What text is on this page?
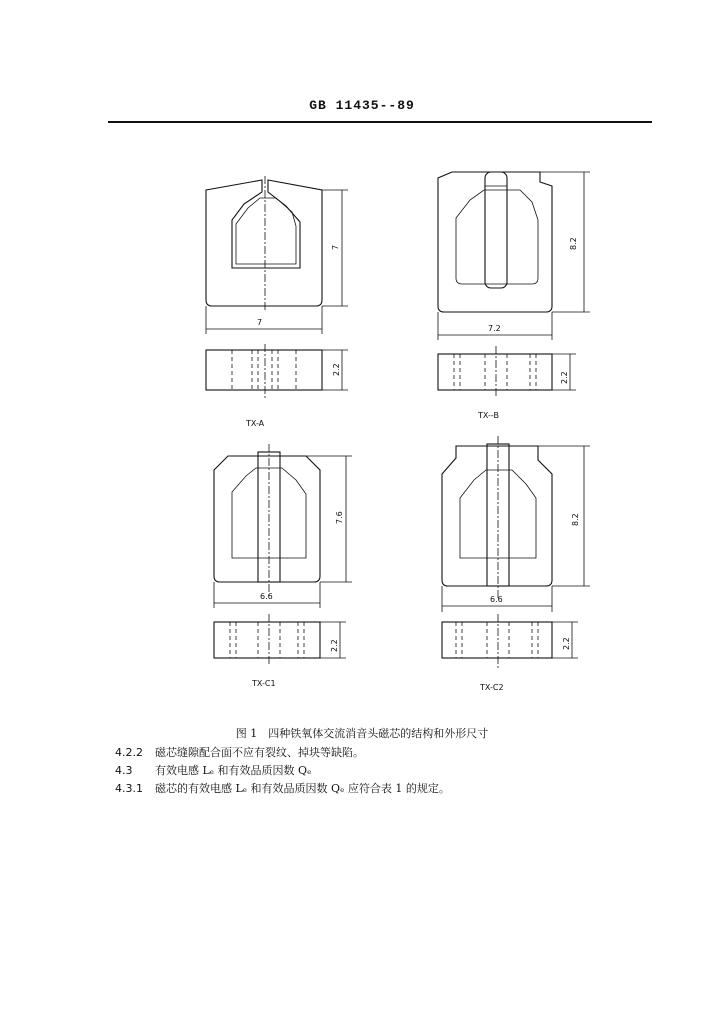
GB 11435--89
7
7
2.2
TX-A
8.2
7.2
2.2
TX--B
7.6
6.6
2.2
TX-C1
8.2
6.6
2.2
TX-C2
图 1　四种铁氧体交流消音头磁芯的结构和外形尺寸
4.2.2 磁芯缝隙配合面不应有裂纹、掉块等缺陷。
4.3 有效电感 Lₑ 和有效品质因数 Qₑ
4.3.1 磁芯的有效电感 Lₑ 和有效品质因数 Qₑ 应符合表 1 的规定。
